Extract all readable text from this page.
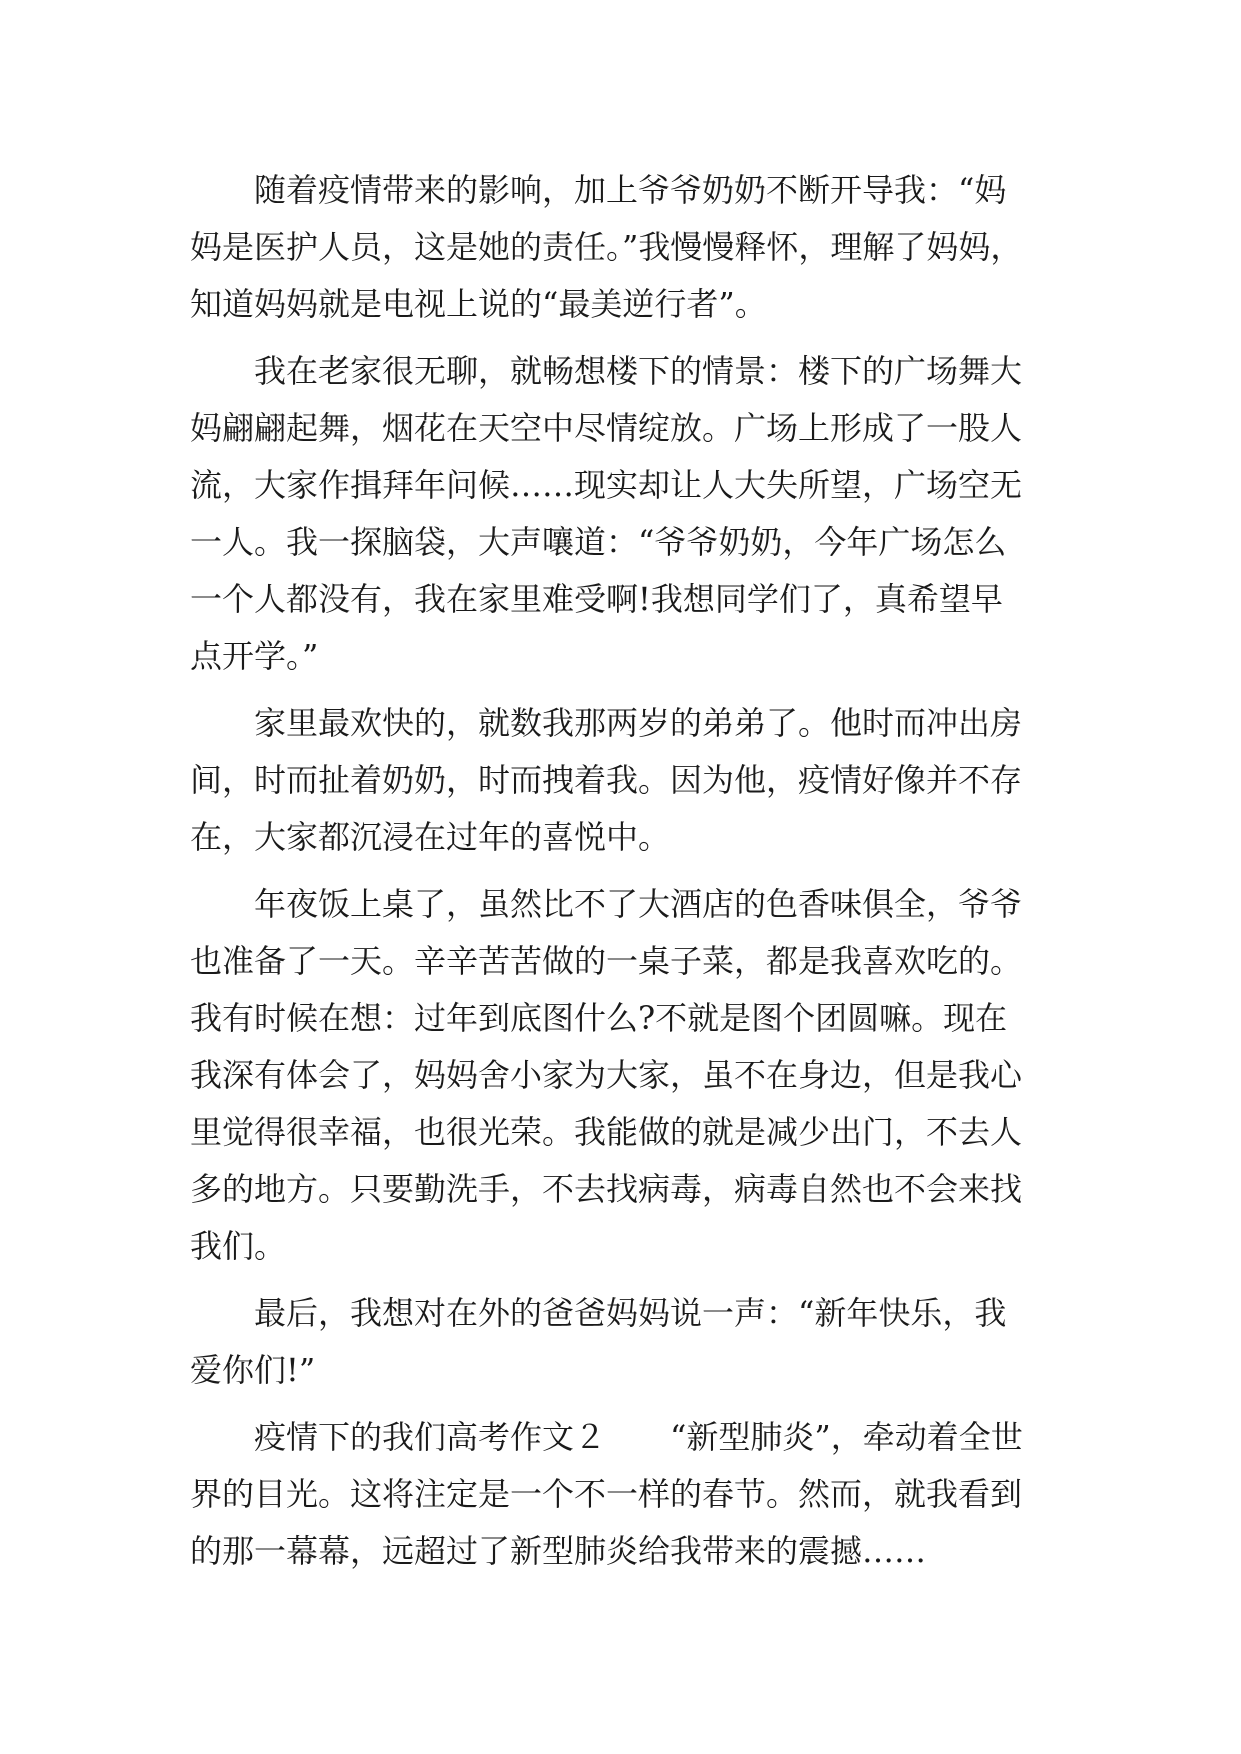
　　随着疫情带来的影响，加上爷爷奶奶不断开导我：“妈
妈是医护人员，这是她的责任。”我慢慢释怀，理解了妈妈，
知道妈妈就是电视上说的“最美逆行者”。
　　我在老家很无聊，就畅想楼下的情景：楼下的广场舞大
妈翩翩起舞，烟花在天空中尽情绽放。广场上形成了一股人
流，大家作揖拜年问候……现实却让人大失所望，广场空无
一人。我一探脑袋，大声嚷道：“爷爷奶奶，今年广场怎么
一个人都没有，我在家里难受啊!我想同学们了，真希望早
点开学。”
　　家里最欢快的，就数我那两岁的弟弟了。他时而冲出房
间，时而扯着奶奶，时而拽着我。因为他，疫情好像并不存
在，大家都沉浸在过年的喜悦中。
　　年夜饭上桌了，虽然比不了大酒店的色香味俱全，爷爷
也准备了一天。辛辛苦苦做的一桌子菜，都是我喜欢吃的。
我有时候在想：过年到底图什么?不就是图个团圆嘛。现在
我深有体会了，妈妈舍小家为大家，虽不在身边，但是我心
里觉得很幸福，也很光荣。我能做的就是减少出门，不去人
多的地方。只要勤洗手，不去找病毒，病毒自然也不会来找
我们。
　　最后，我想对在外的爸爸妈妈说一声：“新年快乐，我
爱你们!”
　　疫情下的我们高考作文２　　“新型肺炎”，牵动着全世
界的目光。这将注定是一个不一样的春节。然而，就我看到
的那一幕幕，远超过了新型肺炎给我带来的震撼……
